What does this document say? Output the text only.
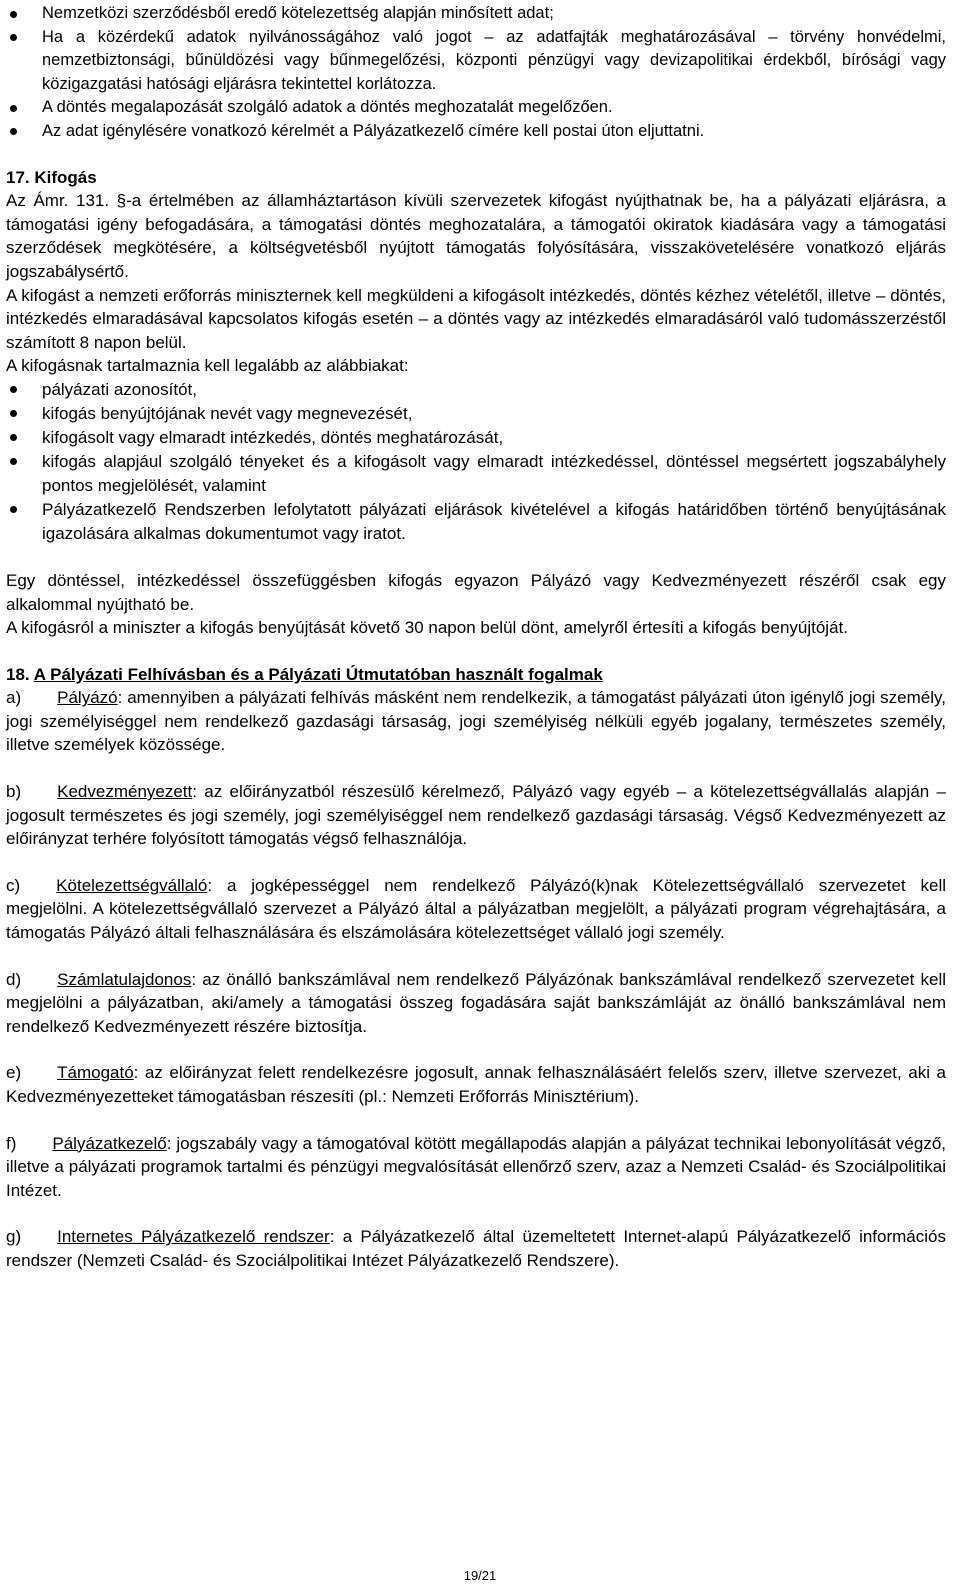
Nemzetközi szerződésből eredő kötelezettség alapján minősített adat;
Ha a közérdekű adatok nyilvánosságához való jogot – az adatfajták meghatározásával – törvény honvédelmi, nemzetbiztonsági, bűnüldözési vagy bűnmegelőzési, központi pénzügyi vagy devizapolitikai érdekből, bírósági vagy közigazgatási hatósági eljárásra tekintettel korlátozza.
A döntés megalapozását szolgáló adatok a döntés meghozatalát megelőzően.
Az adat igénylésére vonatkozó kérelmét a Pályázatkezelő címére kell postai úton eljuttatni.

17. Kifogás

Az Ámr. 131. §-a értelmében az államháztartáson kívüli szervezetek kifogást nyújthatnak be, ha a pályázati eljárásra, a támogatási igény befogadására, a támogatási döntés meghozatalára, a támogatói okiratok kiadására vagy a támogatási szerződések megkötésére, a költségvetésből nyújtott támogatás folyósítására, visszakövetelésére vonatkozó eljárás jogszabálysértő.

A kifogást a nemzeti erőforrás miniszternek kell megküldeni a kifogásolt intézkedés, döntés kézhez vételétől, illetve – döntés, intézkedés elmaradásával kapcsolatos kifogás esetén – a döntés vagy az intézkedés elmaradásáról való tudomásszerzéstől számított 8 napon belül.

A kifogásnak tartalmaznia kell legalább az alábbiakat:

pályázati azonosítót,
kifogás benyújtójának nevét vagy megnevezését,
kifogásolt vagy elmaradt intézkedés, döntés meghatározását,
kifogás alapjául szolgáló tényeket és a kifogásolt vagy elmaradt intézkedéssel, döntéssel megsértett jogszabályhely pontos megjelölését, valamint
Pályázatkezelő Rendszerben lefolytatott pályázati eljárások kivételével a kifogás határidőben történő benyújtásának igazolására alkalmas dokumentumot vagy iratot.

Egy döntéssel, intézkedéssel összefüggésben kifogás egyazon Pályázó vagy Kedvezményezett részéről csak egy alkalommal nyújtható be.

A kifogásról a miniszter a kifogás benyújtását követő 30 napon belül dönt, amelyről értesíti a kifogás benyújtóját.

18. A Pályázati Felhívásban és a Pályázati Útmutatóban használt fogalmak

a) Pályázó: amennyiben a pályázati felhívás másként nem rendelkezik, a támogatást pályázati úton igénylő jogi személy, jogi személyiséggel nem rendelkező gazdasági társaság, jogi személyiség nélküli egyéb jogalany, természetes személy, illetve személyek közössége.

b) Kedvezményezett: az előirányzatból részesülő kérelmező, Pályázó vagy egyéb – a kötelezettségvállalás alapján – jogosult természetes és jogi személy, jogi személyiséggel nem rendelkező gazdasági társaság. Végső Kedvezményezett az előirányzat terhére folyósított támogatás végső felhasználója.

c) Kötelezettségvállaló: a jogképességgel nem rendelkező Pályázó(k)nak Kötelezettségvállaló szervezetet kell megjelölni. A kötelezettségvállaló szervezet a Pályázó által a pályázatban megjelölt, a pályázati program végrehajtására, a támogatás Pályázó általi felhasználására és elszámolására kötelezettséget vállaló jogi személy.

d) Számlatulajdonos: az önálló bankszámlával nem rendelkező Pályázónak bankszámlával rendelkező szervezetet kell megjelölni a pályázatban, aki/amely a támogatási összeg fogadására saját bankszámláját az önálló bankszámlával nem rendelkező Kedvezményezett részére biztosítja.

e) Támogató: az előirányzat felett rendelkezésre jogosult, annak felhasználásáért felelős szerv, illetve szervezet, aki a Kedvezményezetteket támogatásban részesíti (pl.: Nemzeti Erőforrás Minisztérium).

f) Pályázatkezelő: jogszabály vagy a támogatóval kötött megállapodás alapján a pályázat technikai lebonyolítását végző, illetve a pályázati programok tartalmi és pénzügyi megvalósítását ellenőrző szerv, azaz a Nemzeti Család- és Szociálpolitikai Intézet.

g) Internetes Pályázatkezelő rendszer: a Pályázatkezelő által üzemeltetett Internet-alapú Pályázatkezelő információs rendszer (Nemzeti Család- és Szociálpolitikai Intézet Pályázatkezelő Rendszere).

19/21
